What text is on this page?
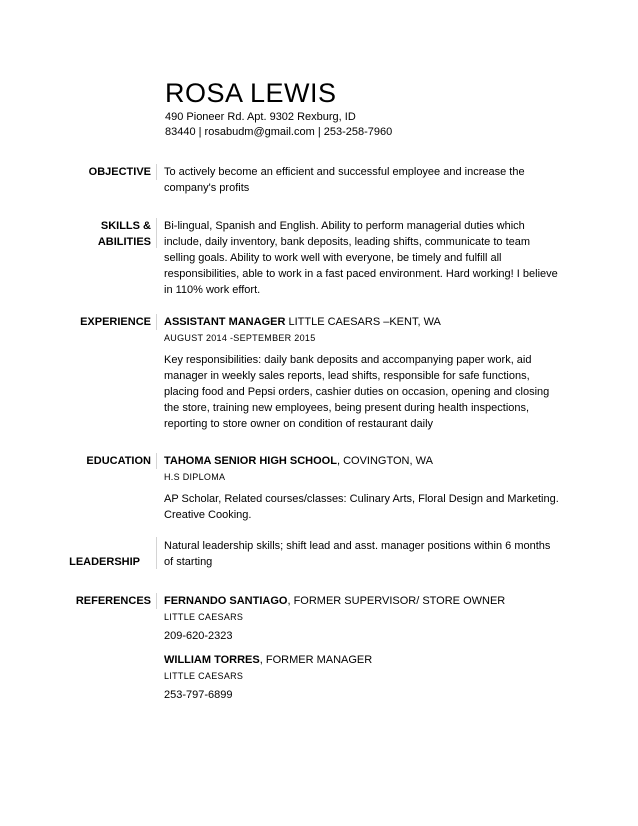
ROSA LEWIS
490 Pioneer Rd. Apt. 9302 Rexburg, ID
83440 | rosabudm@gmail.com | 253-258-7960
OBJECTIVE To actively become an efficient and successful employee and increase the company's profits

SKILLS &
ABILITIES

Bi-lingual, Spanish and English. Ability to perform managerial duties which include, daily inventory, bank deposits, leading shifts, communicate to team selling goals. Ability to work well with everyone, be timely and fulfill all responsibilities, able to work in a fast paced environment. Hard working! I believe in 110% work effort.

EXPERIENCE ASSISTANT MANAGER LITTLE CAESARS –KENT, WA
AUGUST 2014 -SEPTEMBER 2015

Key responsibilities: daily bank deposits and accompanying paper work, aid manager in weekly sales reports, lead shifts, responsible for safe functions, placing food and Pepsi orders, cashier duties on occasion, opening and closing the store, training new employees, being present during health inspections, reporting to store owner on condition of restaurant daily

EDUCATION TAHOMA SENIOR HIGH SCHOOL, COVINGTON, WA
H.S DIPLOMA

AP Scholar, Related courses/classes: Culinary Arts, Floral Design and Marketing. Creative Cooking.

LEADERSHIP

Natural leadership skills; shift lead and asst. manager positions within 6 months of starting

REFERENCES FERNANDO SANTIAGO, FORMER SUPERVISOR/ STORE OWNER
LITTLE CAESARS
209-620-2323
WILLIAM TORRES, FORMER MANAGER
LITTLE CAESARS
253-797-6899
